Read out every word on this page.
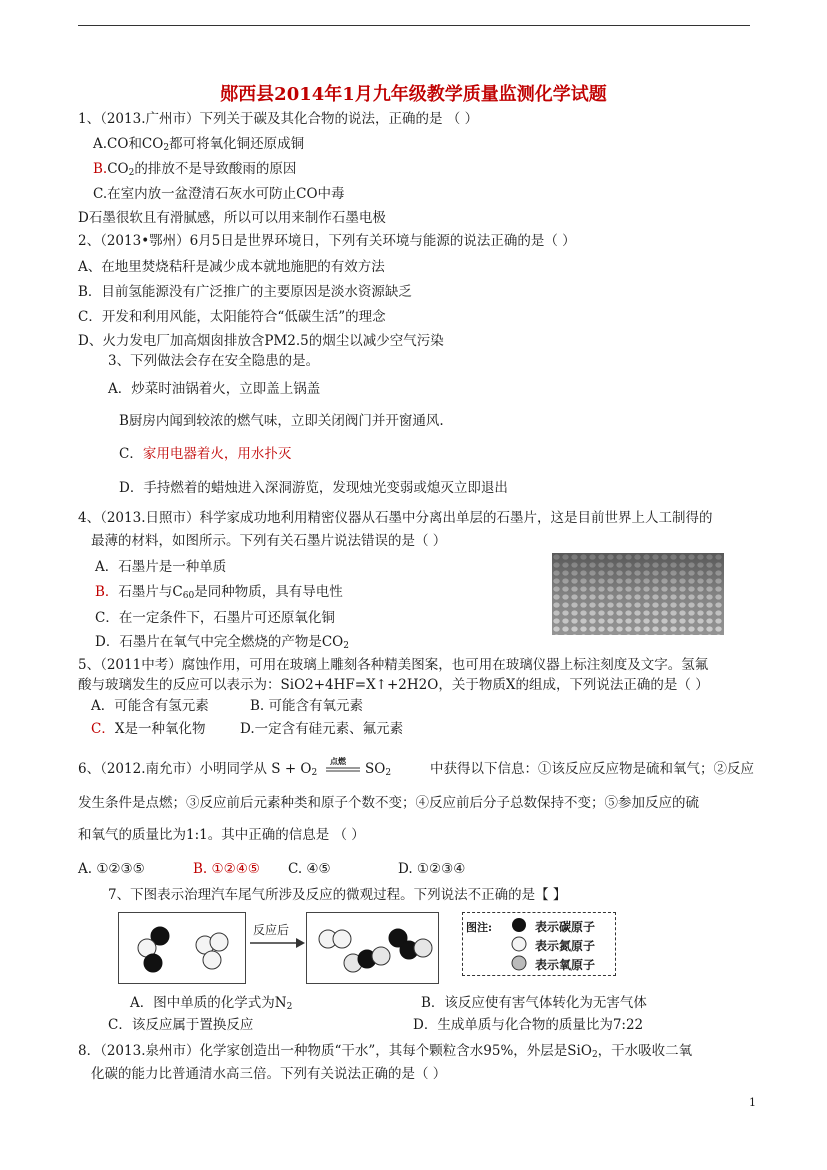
郧西县2014年1月九年级教学质量监测化学试题
1、（2013.广州市）下列关于碳及其化合物的说法，正确的是 （ ）
A.CO和$CO_2$都可将氧化铜还原成铜
$B.CO_2$的排放不是导致酸雨的原因
C.在室内放一盆澄清石灰水可防止CO中毒
D石墨很软且有滑腻感，所以可以用来制作石墨电极
2、（2013•鄂州）6月5日是世界环境日，下列有关环境与能源的说法正确的是（ ）
A、在地里焚烧秸秆是减少成本就地施肥的有效方法
B．目前氢能源没有广泛推广的主要原因是淡水资源缺乏
C．开发和利用风能，太阳能符合“低碳生活”的理念
D、火力发电厂加高烟囱排放含PM2.5的烟尘以减少空气污染
3、下列做法会存在安全隐患的是。
A．炒菜时油锅着火，立即盖上锅盖
B厨房内闻到较浓的燃气味，立即关闭阀门并开窗通风.
C．家用电器着火，用水扑灭
D．手持燃着的蜡烛进入深洞游览，发现烛光变弱或熄灭立即退出
4、（2013.日照市）科学家成功地利用精密仪器从石墨中分离出单层的石墨片，这是目前世界上人工制得的
最薄的材料，如图所示。下列有关石墨片说法错误的是（ ）
A．石墨片是一种单质
B．石墨片与$C_{60}$是同种物质，具有导电性
C．在一定条件下，石墨片可还原氧化铜
D．石墨片在氧气中完全燃烧的产物是$CO_2$
5、（2011中考）腐蚀作用，可用在玻璃上雕刻各种精美图案，也可用在玻璃仪器上标注刻度及文字。氢氟
酸与玻璃发生的反应可以表示为：SiO2+4HF=X↑+2H2O，关于物质X的组成，下列说法正确的是（ ）
A．可能含有氢元素	B. 可能含有氧元素
C．X是一种氧化物	D.一定含有硅元素、氟元素
6、（2012.南允市）小明同学从 $S + O_2$
点燃 $SO_2$	中获得以下信息：①该反应反应物是硫和氧气；②反应
发生条件是点燃；③反应前后元素种类和原子个数不变；④反应前后分子总数保持不变；⑤参加反应的硫
和氧气的质量比为1:1。其中正确的信息是 （ ）
A. ①②③⑤	B. ①②④⑤ C. ④⑤	D. ①②③④
7、下图表示治理汽车尾气所涉及反应的微观过程。下列说法不正确的是【 】
反应后	图注:	表示碳原子
表示氮原子
表示氧原子
A．图中单质的化学式为$N_2$	B．该反应使有害气体转化为无害气体
C．该反应属于置换反应	D．生成单质与化合物的质量比为7:22
8．（2013.泉州市）化学家创造出一种物质“干水”，其每个颗粒含水95%，外层是SiO$_2$，干水吸收二氧
化碳的能力比普通清水高三倍。下列有关说法正确的是（ ）
1
